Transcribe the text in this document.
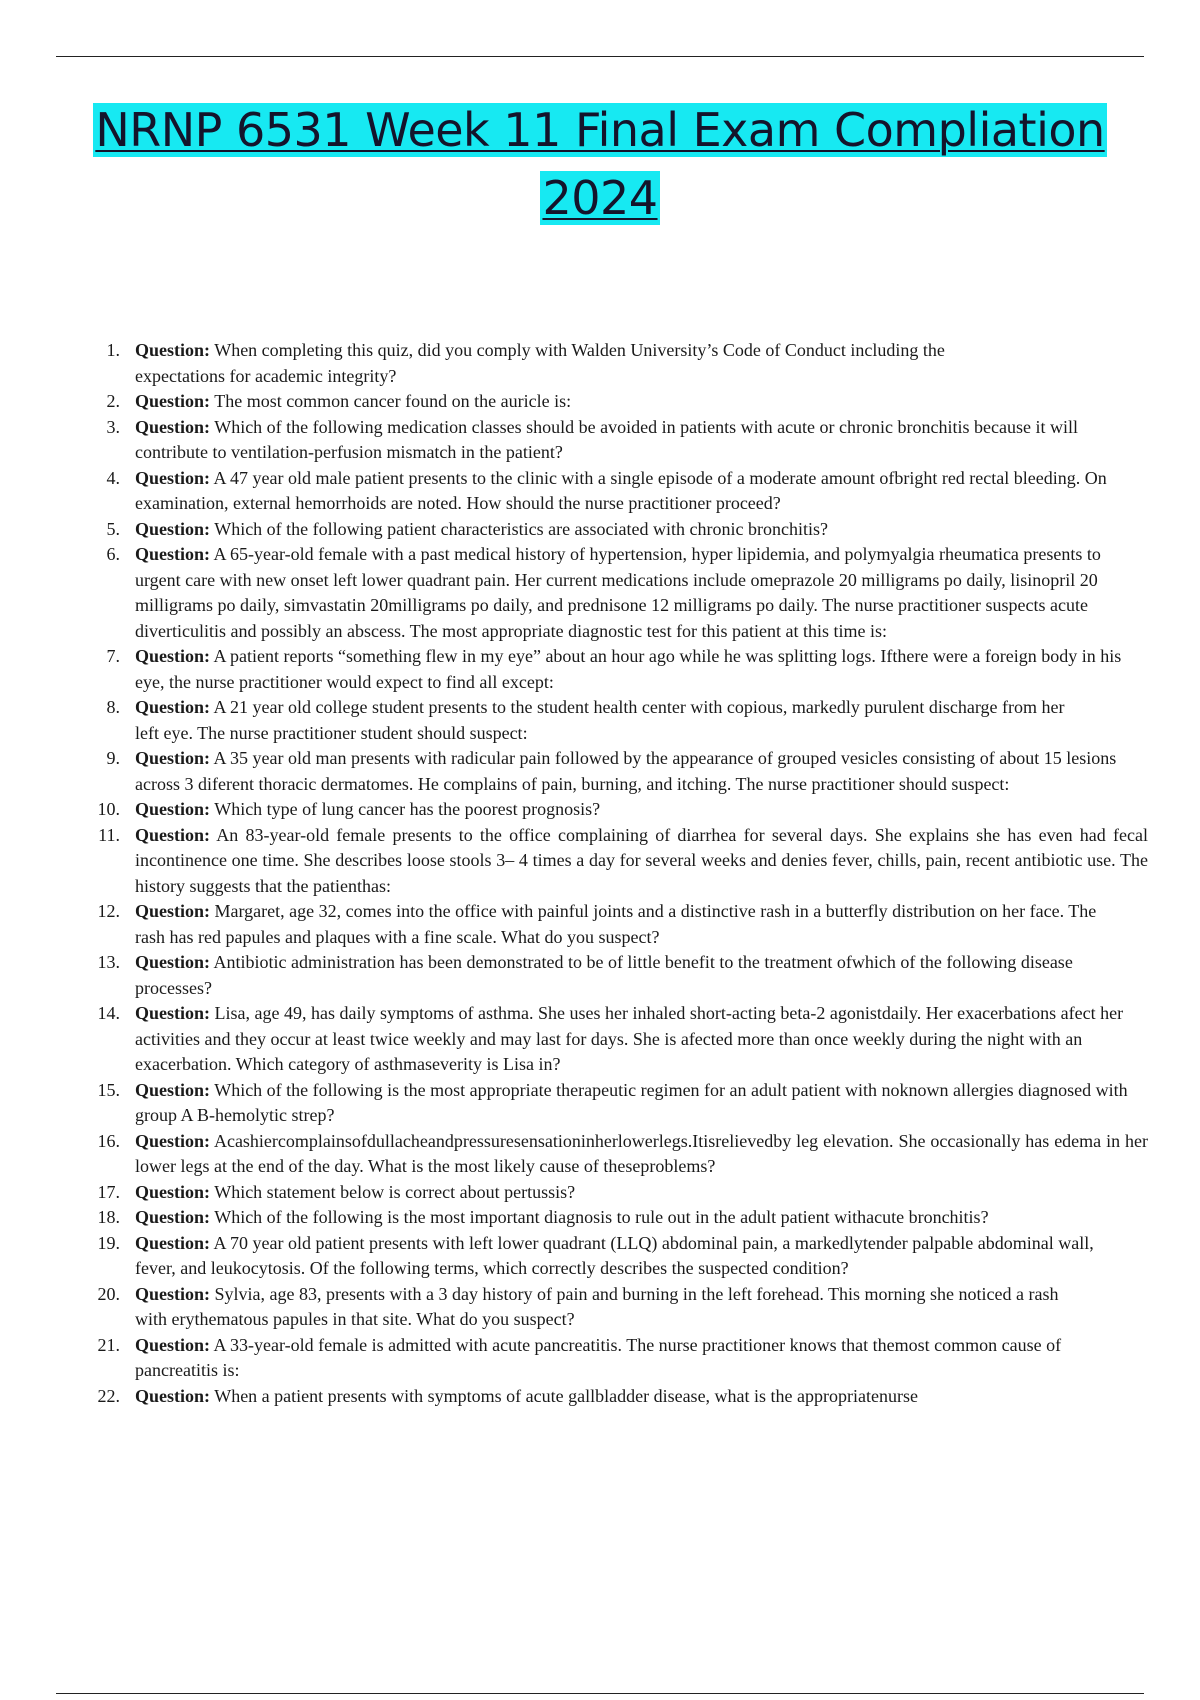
NRNP 6531 Week 11 Final Exam Compliation
2024
1. Question: When completing this quiz, did you comply with Walden University’s Code of Conduct including the expectations for academic integrity?
2. Question: The most common cancer found on the auricle is:
3. Question: Which of the following medication classes should be avoided in patients with acute or chronic bronchitis because it will contribute to ventilation-perfusion mismatch in the patient?
4. Question: A 47 year old male patient presents to the clinic with a single episode of a moderate amount ofbright red rectal bleeding. On examination, external hemorrhoids are noted. How should the nurse practitioner proceed?
5. Question: Which of the following patient characteristics are associated with chronic bronchitis?
6. Question: A 65-year-old female with a past medical history of hypertension, hyper lipidemia, and polymyalgia rheumatica presents to urgent care with new onset left lower quadrant pain. Her current medications include omeprazole 20 milligrams po daily, lisinopril 20 milligrams po daily, simvastatin 20milligrams po daily, and prednisone 12 milligrams po daily. The nurse practitioner suspects acute diverticulitis and possibly an abscess. The most appropriate diagnostic test for this patient at this time is:
7. Question: A patient reports “something flew in my eye” about an hour ago while he was splitting logs. Ifthere were a foreign body in his eye, the nurse practitioner would expect to find all except:
8. Question: A 21 year old college student presents to the student health center with copious, markedly purulent discharge from her left eye. The nurse practitioner student should suspect:
9. Question: A 35 year old man presents with radicular pain followed by the appearance of grouped vesicles consisting of about 15 lesions across 3 diferent thoracic dermatomes. He complains of pain, burning, and itching. The nurse practitioner should suspect:
10. Question: Which type of lung cancer has the poorest prognosis?
11. Question: An 83-year-old female presents to the office complaining of diarrhea for several days. She explains she has even had fecal incontinence one time. She describes loose stools 3– 4 times a day for several weeks and denies fever, chills, pain, recent antibiotic use. The history suggests that the patienthas:
12. Question: Margaret, age 32, comes into the office with painful joints and a distinctive rash in a butterfly distribution on her face. The rash has red papules and plaques with a fine scale. What do you suspect?
13. Question: Antibiotic administration has been demonstrated to be of little benefit to the treatment ofwhich of the following disease processes?
14. Question: Lisa, age 49, has daily symptoms of asthma. She uses her inhaled short-acting beta-2 agonistdaily. Her exacerbations afect her activities and they occur at least twice weekly and may last for days. She is afected more than once weekly during the night with an exacerbation. Which category of asthmaseverity is Lisa in?
15. Question: Which of the following is the most appropriate therapeutic regimen for an adult patient with noknown allergies diagnosed with group A B-hemolytic strep?
16. Question: Acashiercomplainsofdullacheandpressuresensationinherlowerlegs.Itisrelievedby leg elevation. She occasionally has edema in her lower legs at the end of the day. What is the most likely cause of theseproblems?
17. Question: Which statement below is correct about pertussis?
18. Question: Which of the following is the most important diagnosis to rule out in the adult patient withacute bronchitis?
19. Question: A 70 year old patient presents with left lower quadrant (LLQ) abdominal pain, a markedlytender palpable abdominal wall, fever, and leukocytosis. Of the following terms, which correctly describes the suspected condition?
20. Question: Sylvia, age 83, presents with a 3 day history of pain and burning in the left forehead. This morning she noticed a rash with erythematous papules in that site. What do you suspect?
21. Question: A 33-year-old female is admitted with acute pancreatitis. The nurse practitioner knows that themost common cause of pancreatitis is:
22. Question: When a patient presents with symptoms of acute gallbladder disease, what is the appropriatenurse
